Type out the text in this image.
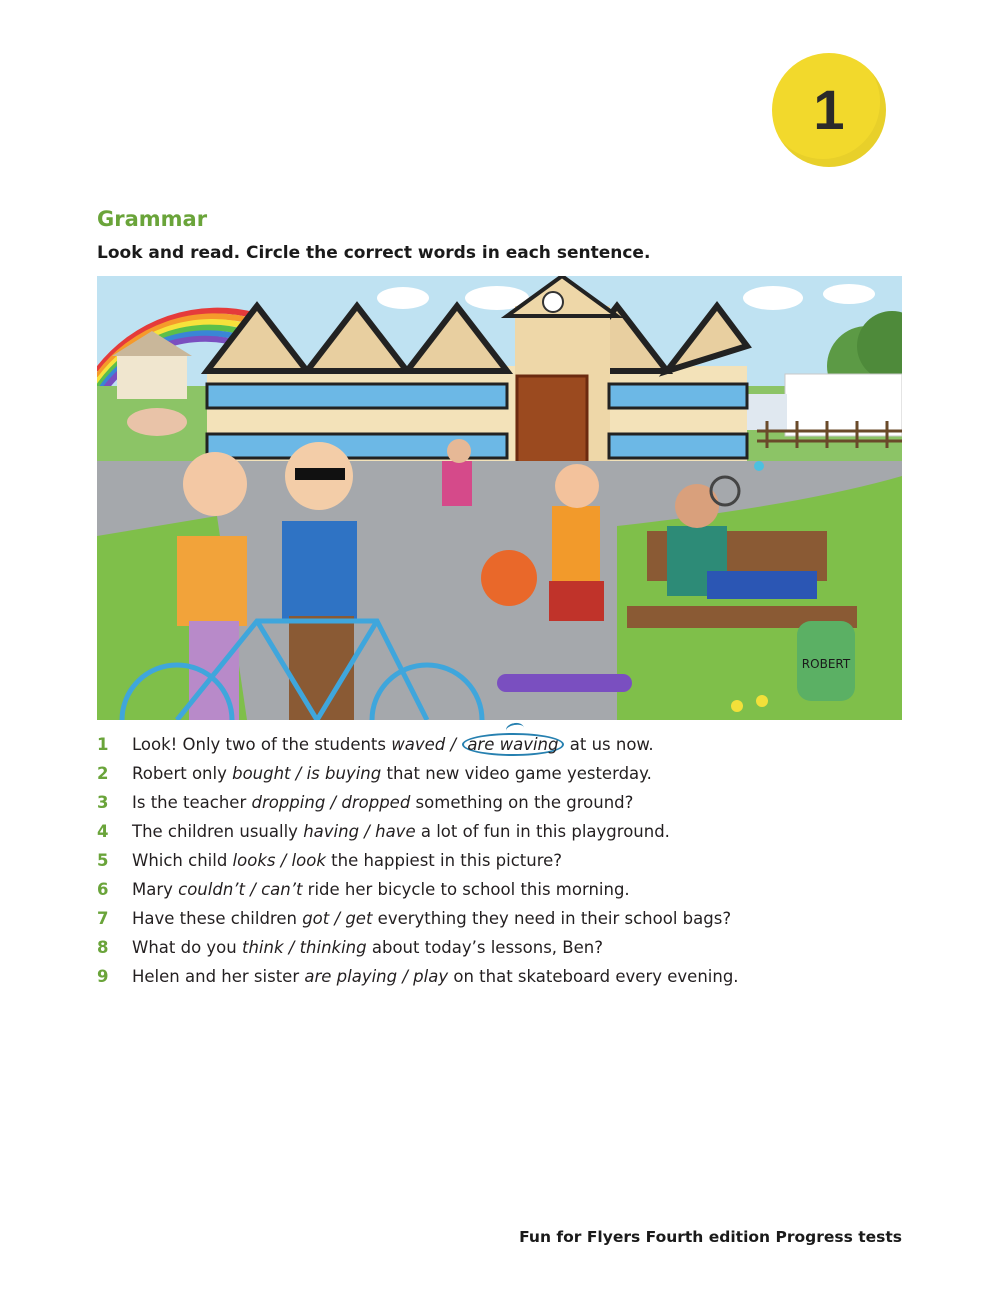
1
Grammar
Look and read. Circle the correct words in each sentence.
ROBERT
1	Look! Only two of the students waved / are waving
at us now.
2	Robert only bought / is buying that new video game yesterday.
3	Is the teacher dropping / dropped something on the ground?
4	The children usually having / have a lot of fun in this playground.
5	Which child looks / look the happiest in this picture?
6	Mary couldn’t / can’t ride her bicycle to school this morning.
7	Have these children got / get everything they need in their school bags?
8	What do you think / thinking about today’s lessons, Ben?
9	Helen and her sister are playing / play on that skateboard every evening.
Fun for Flyers Fourth edition Progress tests
